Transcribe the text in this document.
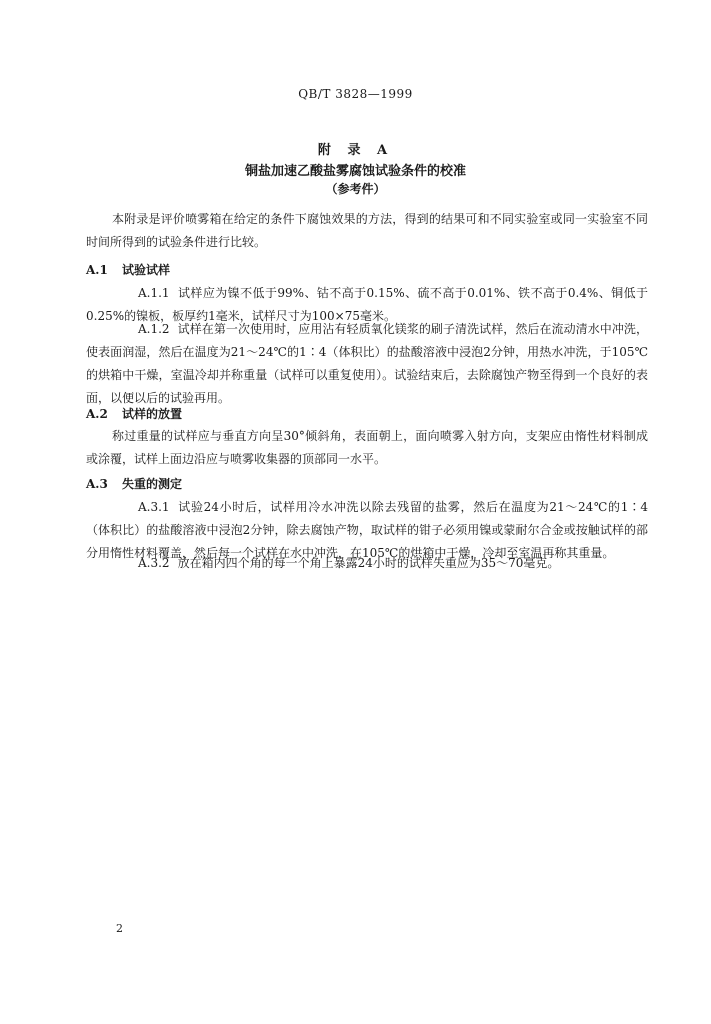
QB/T 3828—1999
附 录 A
铜盐加速乙酸盐雾腐蚀试验条件的校准
（参考件）
本附录是评价喷雾箱在给定的条件下腐蚀效果的方法，得到的结果可和不同实验室或同一实验室不同时间所得到的试验条件进行比较。
A.1 试验试样
A.1.1 试样应为镍不低于99%、钴不高于0.15%、硫不高于0.01%、铁不高于0.4%、铜低于0.25%的镍板，板厚约1毫米，试样尺寸为100×75毫米。
A.1.2 试样在第一次使用时，应用沾有轻质氧化镁浆的刷子清洗试样，然后在流动清水中冲洗，使表面润湿，然后在温度为21～24℃的1∶4（体积比）的盐酸溶液中浸泡2分钟，用热水冲洗，于105℃的烘箱中干燥，室温冷却并称重量（试样可以重复使用）。试验结束后，去除腐蚀产物至得到一个良好的表面，以便以后的试验再用。
A.2 试样的放置
称过重量的试样应与垂直方向呈30°倾斜角，表面朝上，面向喷雾入射方向，支架应由惰性材料制成或涂覆，试样上面边沿应与喷雾收集器的顶部同一水平。
A.3 失重的测定
A.3.1 试验24小时后，试样用冷水冲洗以除去残留的盐雾，然后在温度为21～24℃的1∶4（体积比）的盐酸溶液中浸泡2分钟，除去腐蚀产物，取试样的钳子必须用镍或蒙耐尔合金或按触试样的部分用惰性材料覆盖，然后每一个试样在水中冲洗，在105℃的烘箱中干燥，冷却至室温再称其重量。
A.3.2 放在箱内四个角的每一个角上暴露24小时的试样失重应为35～70毫克。
2
